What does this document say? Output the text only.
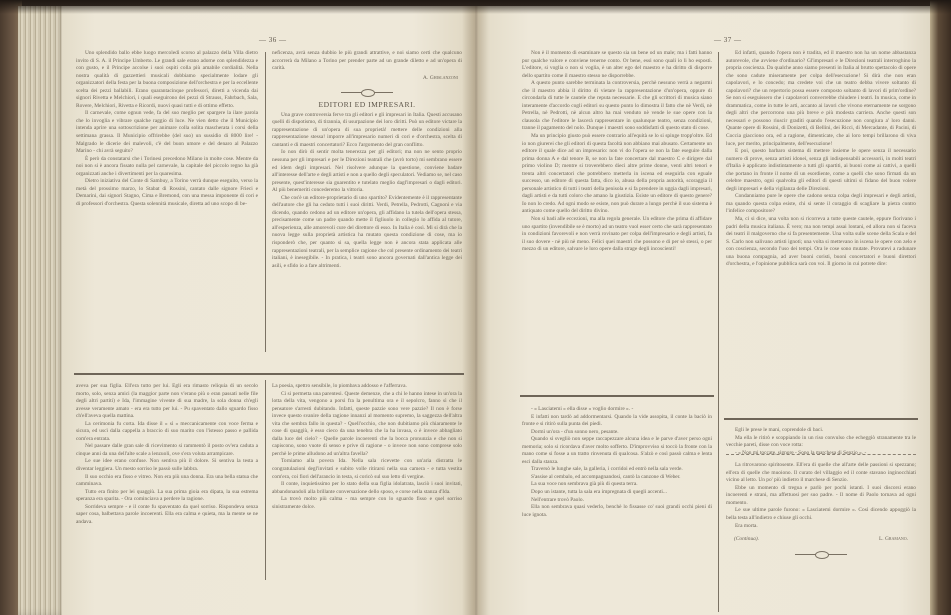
— 36 —

Uno splendido ballo ebbe luogo mercoledì scorso al palazzo della Villa dietro invito di S. A. il Principe Umberto. Le grandi sale erano adorne con splendidezza e con gusto, e il Principe accolse i suoi ospiti colla più amabile cordialità. Nella nostra qualità di gazzettieri musicali dobbiamo specialmente lodare gli organizzatori della festa per la buona composizione dell'orchestra e per la eccellente scelta dei pezzi ballabili. Erano quarantacinque professori, diretti a vicenda dai signori Rivetta e Melchiori, i quali eseguirono dei pezzi di Strauss, Fahrbach, Sala, Rovere, Melchiori, Rivetta e Ricordi, nuovi quasi tutti e di ottimo effetto.

Il carnevale, come ognun vede, fa del suo meglio per spargere la ilare parola che lo invoglia e vibrare qualche raggio di luce. Ne vien detto che il Municipio intenda aprire una sottoscrizione per animare colla solita mascherata i corsi della settimana grassa. Il Municipio offrirebbe (del suo) un sussidio di 8000 lire! - Malgrado le dicerie dei malevoli, c'è del buon umore e del denaro al Palazzo Marino - chi avrà seguito?

È però da constatarsi che i Torinesi precedono Milano in molte cose. Mentre da noi non si è ancora fissato nulla pel carnevale, la capitale del piccolo regno ha già organizzati anche i divertimenti per la quaresima.

Dietro iniziativa del Conte di Sambuy, a Torino verrà dunque eseguito, verso la metà del prossimo marzo, lo Stabat di Rossini, cantato dalle signore Frieci e Demarini, dai signori Stagno, Cima e Bremond, con una messa imponente di cori e di professori d'orchestra. Questa solennità musicale, diretta ad uno scopo di be-

neficenza, avrà senza dubbio le più grandi attrattive, e noi siamo certi che qualcuno accorrerà da Milano a Torino per prender parte ad un grande diletto e ad un'opera di carità.

A. Ghislanzoni
EDITORI ED IMPRESARI.

Una grave controversia ferve tra gli editori e gli impresari in Italia. Questi accusano quelli di dispotismo, di tirannia, di usurpazione dei loro diritti. Può un editore victare la rappresentazione di un'opera di sua proprietà! mettere delle condizioni alla rappresentazione stessa! imporre all'impresario numeri di cori e d'orchestra, scelta di cantanti e di maestri concertatori? Ecco l'argomento del gran conflitto.

Io non dirò di sentir molta tenerezza per gli editori; ma non ne sento proprio nessuna per gli impresari e per le Direzioni teatrali che (avrò torto) mi sembrano essere ed idem degli impresari. Nel risolvere adunque la questione, conviene badare all'interesse dell'arte e degli artisti e non a quello degli speculatori. Vediamo se, nel caso presente, quest'interesse sia guarentito e tutelato meglio dagl'impresari o dagli editori. Al più benemeriti concederemo la vittoria.

Che cos'è un editore-proprietario di uno spartito? Evidentemente è il rappresentante dell'autore che gli ha ceduto tutti i suoi diritti. Verdi, Petrella, Pedrotti, Cagnoni e via dicendo, quando cedono ad un editore un'opera, gli affidano la tutela dell'opera stessa, precisamente come un padre quando mette il figliuolo in collegio lo affida al tutore, all'esperienza, alle amorevoli cure del direttore di esso. In Italia è così. Mi si dirà che la nuova legge sulla proprietà artistica ha mutato questa condizione di cose, ma io risponderò che, per quanto si sa, quella legge non è ancora stata applicata alle rappresentazioni teatrali, per la semplice ragione che col presente ordinamento dei teatri italiani, è inesegibile. - In pratica, i teatri sono ancora governati dall'antica legge dei asili, e sfido io a fare altrimenti.

aveva per sua figlia. Ell'era tutto per lui. Egli era rimasto reliquia di un secolo morto, solo, senza amici (la maggior parte non v'erano più o eran passati nelle file degli altri partiti) e Ida, l'immagine vivente di sua madre, la sola donna ch'egli avesse veramente amato - era era tutto per lui. - Pu spaventato dallo sguardo fisso ch'ell'aveva quella mattina.

La cerimonia fu corta. Ida disse il « sì » meccanicamente con voce ferma e sicura, ed uscì dalla cappella a braccio di suo marito con l'istesso passo e pallida com'era entrata.

Nel passare dalle gran sale di ricevimento si rammentò il posto ov'era caduta a cinque anni da una dell'alte scale a lenzuoli, ove s'era voluta arrampicare.

Le sue idee erano confuse. Non sentiva più il dolore. Si sentiva la testa a diventar leggiera. Un mesto sorriso le passò sulle labbra.

Il suo occhio era fisso e vitreo. Non era più una donna. Era una bella statua che camminava.

Tutto era finito per lei quaggiù. La sua prima gioia era dipata, la sua estrema speranza era sparita. - Ora cominciava a perdere la ragione.

Sorrideva sempre - e il conte fu spaventato da quel sorriso. Rispondeva senza saper cosa, balbettava parole incoerenti. Ella era calma e quieta, ma la mente se ne andava.

La poesia, spettro sensibile, lo piombava addosso e l'afferrava.

Ci si permetta una parentesi. Queste demenze, che a chi le hanno intese in un'ora la lotta della vita, vengono a porsi fra la penultima ora e il sepolcro, fanno sì che il pensatore s'arresti dubitando. Infatti, queste pazzie sono vere pazzie? Il non è forse invece questo svanire della ragione innanzi al momento supremo, la saggezza dell'altra vita che sembra fallo in questa? - Quell'occhio, che non dubitiamo più chiaramente le cose di quaggiù, è esso cieco da una tenebra che la ha invasa, o è invece abbagliato dalla luce del cielo? - Quelle parole incoerenti che la bocca pronunzia e che non si capiscono, sono vuote di senso e prive di ragione - o invece non sono comprese solo perchè le prime alludono ad un'altra favella?

Torniamo alla povera Ida. Nella sala ricevette con un'aria distratta le congratulazioni degl'invitati e subito volle ritirarsi nella sua camera - e tutta vestita com'era, coi fiori dell'arancio in testa, si coricò sul suo letto di vergine.

Il conte, inquietissimo per lo stato della sua figlia idolatrata, lasciò i suoi invitati, abbandonandoli alla brillante conversazione dello sposo, e corse nella stanza d'Ida.

La trovò molto più calma - ma sempre con lo sguardo fisso e quel sorriso sinistramente dolce.

— 37 —

Non è il momento di esaminare se questo sia un bene od un male; ma i fatti hanno pur qualche valore e conviene tenerne conto. Or bene, essi sono quali io li ho esposti. L'editore, si voglia o non si voglia, è un alter ego del maestro e ha diritto di disporre dello spartito come il maestro stesso ne disporrebbe.

A questo punto sarebbe terminata la controversia, perchè nessuno verrà a negarmi che il maestro abbia il diritto di vietare la rappresentazione d'un'opera, oppure di circondarla di tutte le cautele che reputa necessarie. E che gli scrittori di musica siano interamente d'accordo cogli editori su questo punto lo dimostra il fatto che nè Verdi, nè Petrella, nè Pedrotti, nè alcun altro ha mai venduto nè vende le sue opere con la clausola che l'editore le lascerà rappresentare in qualunque teatro, senza condizioni, tranne il pagamento del nolo. Dunque i maestri sono soddisfatti di questo stato di cose.

Ma un principio giusto può essere contrario all'equità se lo si spinge tropp'oltre. Ed io non giurerei che gli editori di questa facoltà non abbiano mai abusato. Certamente un editore il quale dice ad un impresario: non vi do l'opera se non la fate eseguire dalla prima donna A e dal tenore B, se non la fate concertare dal maestro C e dirigere dal primo violino D; mentre si troverebbero dieci altre prime donne, venti altri tenori e trenta altri concertatori che potrebbero metterla in iscena ed eseguirla con eguale successo, un editore di questa fatta, dico io, abusa della propria autorità, scoraggia il personale artistico di tutti i teatri della penisola e si fa prendere in uggia dagli impresari, dagli artisti e da tutti coloro che amano la giustizia. Esiste un editore di questo genere? Io non lo credo. Ad ogni modo se esiste, non può durare a lungo perchè il suo sistema è antiquato come quello del diritto divino.

Non si badi alle eccezioni, ma alla regola generale. Un editore che prima di affidare uno spartito (invendibile se è morto) ad un teatro vuol esser certo che sarà rappresentato in condizioni favorevoli e non verrà rovinato per colpa dell'impresario e degli artisti, fa il suo dovere - nè più nè meno. Felici quei maestri che possono e di per sè stessi, o per mezzo di un editore, salvare le loro opere dalla strage degli incoscienti!

Ed infatti, quando l'opera non è tradita, ed il maestro non ha un nome abbastanza autorevole, che avviene d'ordinario? Gl'impresari e le Direzioni teatrali interroghino la propria coscienza. Da qualche anno siamo presenti in Italia al brutto spettacolo di opere che sono cadute miseramente per colpa dell'esecuzione! Si dirà che non eran capolavori, e lo concedo; ma credete voi che un teatro debba vivere soltanto di capolavori? che un repertorio possa essere composto soltanto di lavori di prim'ordine? Se non si eseguissero che i capolavori converrebbe chiudere i teatri. In musica, come in drammatica, come in tutte le arti, accanto ai lavori che vivono eternamente ne sorgono degli altri che percorrono una più breve e più modesta carriera. Anche questi son necessari e possono riuscir graditi quando l'esecuzione non congiura a' loro danni. Quante opere di Rossini, di Donizetti, di Bellini, dei Ricci, di Mercadante, di Pacini, di Coccia giacciono ora, ed a ragione, dimenticate, che ai loro tempi brillarono di viva luce, per merito, principalmente, dell'esecuzione!

E poi, questo barbaro sistema di mettere insieme le opere senza il necessario numero di prove, senza artisti idonei, senza gli indispensabili accessorii, in molti teatri d'Italia è applicato indistintamente a tutti gli spartiti, ai buoni come ai cattivi, a quelli che portano in fronte il nome di un esordiente, come a quelli che sono firmati da un celebre maestro, ogni qualvolta gli editori di questi ultimi si fidano del buon volere degli impresari e della vigilanza delle Direzioni.

Condanniamo pure le opere che cadono senza colpa degli impresari e degli artisti, ma quando questa colpa esiste, chi si sente il coraggio di scagliare la pietra contro l'infelice compositore?

Ma, ci si dice, una volta non si ricorreva a tutte queste cautele, eppure fiorivano i padri della musica italiana. È vero; ma non tempi assai lontani, ed allora non si faceva dei teatri il malgoverno che si fa presentemente. Una volta sulle scene della Scala e del S. Carlo non salivano artisti ignoti; una volta si mettevano in iscena le opere con zelo e con coscienza, secondo l'uso dei tempi. Ora le cose sono mutate. Provatevi a radunare una buona compagnia, ad aver buoni coristi, buoni concertatori e buoni direttori d'orchestra, e l'opinione pubblica sarà con voi. Il giorno in cui potrete dire:

- « Lasciatemi » ella disse « voglio dormire ». -

E infatti non tardò ad addormentarsi. Quando la vide assopita, il conte la baciò in fronte e si ritirò sulla punta dei piedi.

Dormì un'ora - d'un sonno nero, pesante.

Quando si svegliò non seppe raccapezzare alcuna idea e le parve d'aver perso ogni memoria; solo si ricordava d'aver molto sofferto. D'improvviso si toccò la fronte con la mano come si fosse a un tratto rinvenuta di qualcosa. S'alzò e così passò calma e lenta esci dalla stanza.

Traversò le lunghe sale, la galleria, i corridoi ed entrò nella sala verde.

S'assise al cembalo, ed accompagnandosi, cantò la canzone di Weber.

La sua voce non sembrava già più di questa terra.

Dopo un istante, tutta la sala era impregnata di quegli accenti...

Nell'entrare trovò Paolo.

Ella non sembrava quasi vederlo, benchè lo fissasse co' suoi grandi occhi pieni di luce ignota.

Egli le prese le mani, coprendole di baci.

Ma ella le ritirò e scoppiando in un riso convulso che echeggiò stranamente tra le vecchie pareti, disse con voce rotta:

- « Non mi toccate, signore - Sono la marchesa di Senzio ». -

La ritrovarono spiritosente. Ell'era di quelle che all'arte delle passioni si spezzano; ell'era di quelle che muoiono. Il curato del villaggio ed il conte stavano inginocchiati vicino al letto. Un po' più indietro il marchese di Senzio.

Ebbe un momento di tregua e parlò per pochi istanti. I suoi discorsi erano incoerenti e strani, ma affettuosi per suo padre. - Il nome di Paolo tornava ad ogni momento.

Le sue ultime parole furono: « Lasciatemi dormire ». Così dicendo appoggiò la bella testa all'indietro e chiuse gli occhi.

Era morta.

(Continua).	L. Gramano.
